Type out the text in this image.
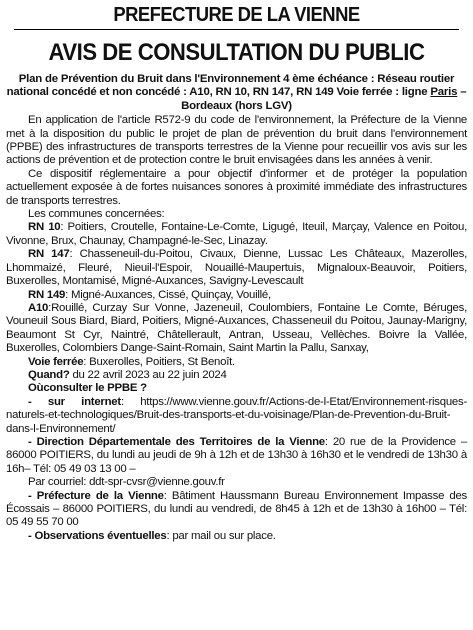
PREFECTURE DE LA VIENNE
AVIS DE CONSULTATION DU PUBLIC
Plan de Prévention du Bruit dans l'Environnement 4 ème échéance : Réseau routier national concédé et non concédé : A10, RN 10, RN 147, RN 149 Voie ferrée : ligne Paris – Bordeaux (hors LGV)

En application de l'article R572-9 du code de l'environnement, la Préfecture de la Vienne met à la disposition du public le projet de plan de prévention du bruit dans l'environnement (PPBE) des infrastructures de transports terrestres de la Vienne pour recueillir vos avis sur les actions de prévention et de protection contre le bruit envisagées dans les années à venir.

Ce dispositif réglementaire a pour objectif d'informer et de protéger la population actuellement exposée à de fortes nuisances sonores à proximité immédiate des infrastructures de transports terrestres.

Les communes concernées:

RN 10: Poitiers, Croutelle, Fontaine-Le-Comte, Ligugé, Iteuil, Marçay, Valence en Poitou, Vivonne, Brux, Chaunay, Champagné-le-Sec, Linazay.

RN 147: Chasseneuil-du-Poitou, Civaux, Dienne, Lussac Les Châteaux, Mazerolles, Lhommaizé, Fleuré, Nieuil-l'Espoir, Nouaillé-Maupertuis, Mignaloux-Beauvoir, Poitiers, Buxerolles, Montamisé, Migné-Auxances, Savigny-Levescault

RN 149: Migné-Auxances, Cissé, Quinçay, Vouillé,

A10:Rouillé, Curzay Sur Vonne, Jazeneuil, Coulombiers, Fontaine Le Comte, Béruges, Vouneuil Sous Biard, Biard, Poitiers, Migné-Auxances, Chasseneuil du Poitou, Jaunay-Marigny, Beaumont St Cyr, Naintré, Châtellerault, Antran, Usseau, Vellèches. Boivre la Vallée, Buxerolles, Colombiers Dange-Saint-Romain, Saint Martin la Pallu, Sanxay,

Voie ferrée: Buxerolles, Poitiers, St Benoît.

Quand? du 22 avril 2023 au 22 juin 2024

Oùconsulter le PPBE ?

- sur internet: https://www.vienne.gouv.fr/Actions-de-l-Etat/Environnement-risques-naturels-et-technologiques/Bruit-des-transports-et-du-voisinage/Plan-de-Prevention-du-Bruit-dans-l-Environnement/

- Direction Départementale des Territoires de la Vienne: 20 rue de la Providence – 86000 POITIERS, du lundi au jeudi de 9h à 12h et de 13h30 à 16h30 et le vendredi de 13h30 à 16h– Tél: 05 49 03 13 00 –

Par courriel: ddt-spr-cvsr@vienne.gouv.fr

- Préfecture de la Vienne: Bâtiment Haussmann Bureau Environnement Impasse des Écossais – 86000 POITIERS, du lundi au vendredi, de 8h45 à 12h et de 13h30 à 16h00 – Tél: 05 49 55 70 00

- Observations éventuelles: par mail ou sur place.
